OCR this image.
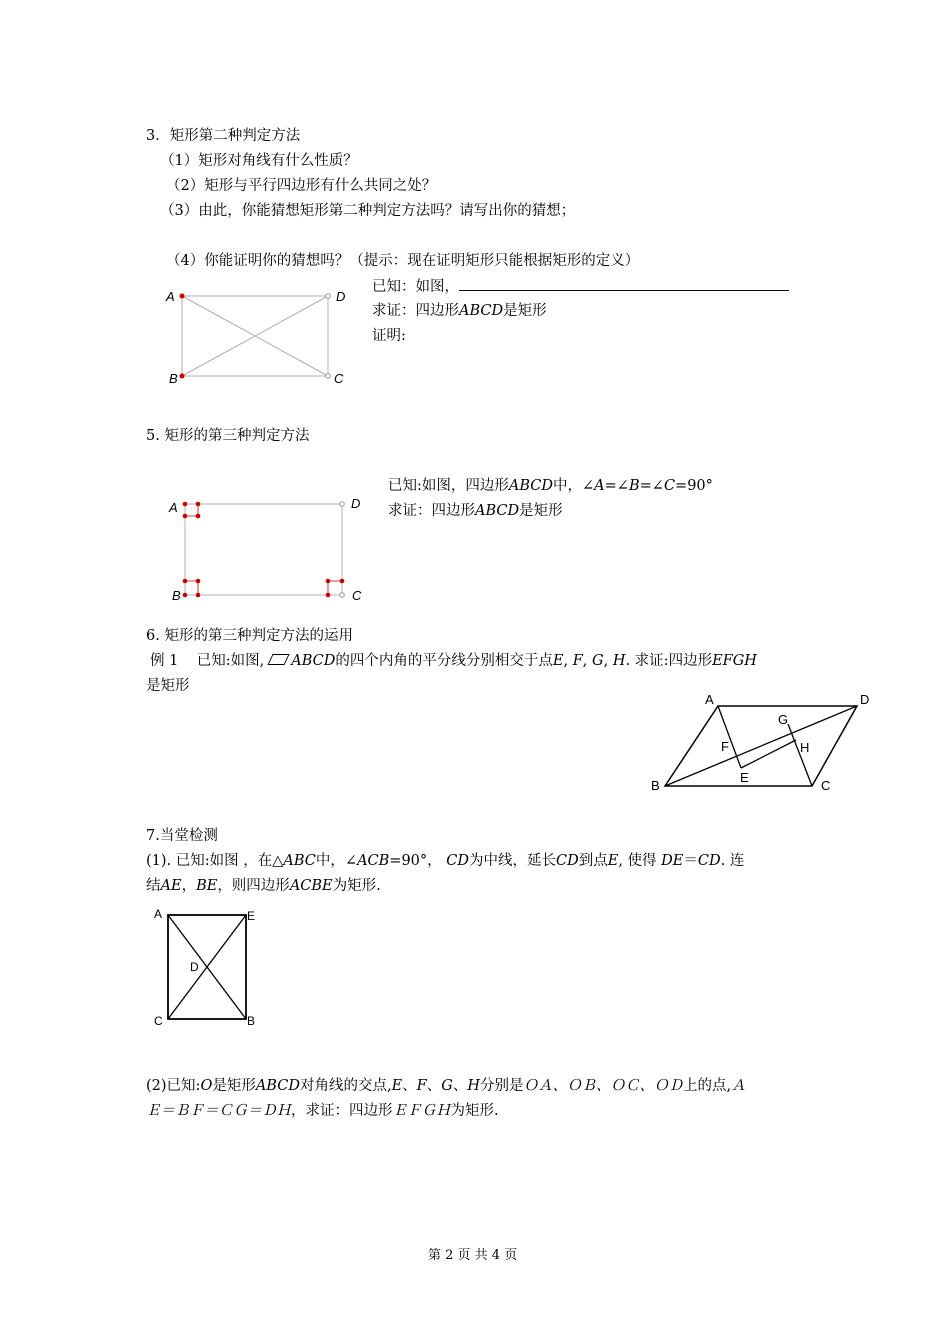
3．矩形第二种判定方法
（1）矩形对角线有什么性质？
（2）矩形与平行四边形有什么共同之处？
（3）由此，你能猜想矩形第二种判定方法吗？请写出你的猜想；
（4）你能证明你的猜想吗？（提示：现在证明矩形只能根据矩形的定义）
已知：如图，
求证：四边形ABCD是矩形
证明:
A
B
D
C
5. 矩形的第三种判定方法
已知:如图，四边形ABCD中，∠A=∠B=∠C=90°
求证：四边形ABCD是矩形
A
B
D
C
6. 矩形的第三种判定方法的运用
例 1 已知:如图, ABCD的四个内角的平分线分别相交于点E, F, G, H. 求证:四边形EFGH
是矩形
A	D
B	C
G
F	H
E
7.当堂检测
(1). 已知:如图 ，在△ABC中，∠ACB=90°， CD为中线，延长CD到点E, 使得 DE＝CD. 连
结AE，BE，则四边形ACBE为矩形.
A	E
D
C	B
(2)已知:O是矩形ABCD对角线的交点,E、F、G、H分别是ＯＡ、ＯＢ、ＯＣ、ＯＤ上的点,Ａ
Ｅ＝ＢＦ＝ＣＧ＝ＤＨ，求证：四边形ＥＦＧＨ为矩形.
第 2 页 共 4 页
